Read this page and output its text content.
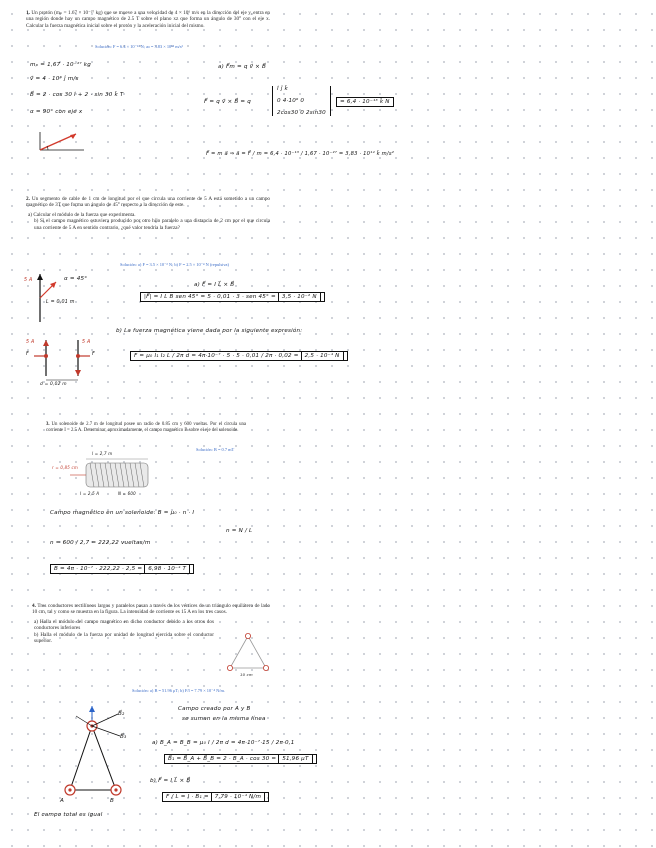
1. Un protón (mₚ = 1.67 × 10⁻²⁷ kg) que se mueve a una velocidad de 4 × 10⁶ m/s en la dirección del eje y, entra en una región donde hay un campo magnético de 2.5 T sobre el plano xz que forma un ángulo de 30° con el eje x. Calcular la fuerza magnética inicial sobre el protón y la aceleración inicial del mismo.
Solución: F = 6.4 × 10⁻¹³ N; aₙ = 3.83 × 10¹⁴ m/s²
mₚ = 1,67 · 10⁻²⁷ kg
v⃗ = 4 · 10⁶ ĵ m/s
B⃗ = 2 · cos 30 î + 2 · sin 30 k̂ T
α = 90° con eje x
a) F⃗m = q v⃗ × B⃗
F⃗ = q v⃗ × B⃗ = q
î ĵ k̂
0 4·10⁶ 0
2cos30 0 2sin30
= 6,4 · 10⁻¹³ k̂ N
F⃗ = m a⃗ ⇒ a⃗ = F⃗ / m = 6,4 · 10⁻¹³ / 1,67 · 10⁻²⁷ = 3,83 · 10¹⁴ k̂ m/s²
2. Un segmento de cable de 1 cm de longitud por el que circula una corriente de 5 A está sometido a un campo magnético de 3T que forma un ángulo de 45° respecto a la dirección de este.
a) Calcular el módulo de la fuerza que experimenta.
b) Si el campo magnético estuviera producido por otro hilo paralelo a una distancia de 2 cm por el que circula una corriente de 5 A en sentido contrario, ¿qué valor tendría la fuerza?
Solución: a) F = 3.5 × 10⁻² N; b) F = 2.5 × 10⁻⁴ N (repulsiva)
5 A	α = 45°
L = 0,01 m
a) F⃗ = I L⃗ × B⃗
|F⃗| = I L B sen 45° = 5 · 0,01 · 3 · sen 45° = 3,5 · 10⁻² N
b) La fuerza magnética viene dada por la siguiente expresión:
5 A	5 A
F	F
d = 0,02 m
F = μ₀ I₁ I₂ L / 2π d = 4π·10⁻⁷ · 5 · 5 · 0,01 / 2π · 0,02 = 2,5 · 10⁻⁴ N
3. Un solenoide de 2.7 m de longitud posee un radio de 0.85 cm y 600 vueltas. Por el circula una corriente I = 2.5 A. Determinar, aproximadamente, el campo magnético B sobre el eje del solenoide.
Solución: B = 0.7 mT
l = 2,7 m
r = 0,85 cm
I = 2,5 A	N = 600
Campo magnético en un solenoide: B = μ₀ · n · I
n = N / L
n = 600 / 2,7 = 222,22 vueltas/m
B = 4π · 10⁻⁷ · 222,22 · 2,5 = 6,98 · 10⁻⁴ T
4. Tres conductores rectilíneos largos y paralelos pasan a través de los vértices de un triángulo equilátero de lado 10 cm, tal y como se muestra en la figura. La intensidad de corriente es 15 A en los tres casos.
a) Halla el módulo del campo magnético en dicho conductor debido a los otros dos conductores inferiores
b) Halla el módulo de la fuerza por unidad de longitud ejercida sobre el conductor superior.
10 cm
Solución: a) B = 51.96 μT; b) F/l = 7.79 × 10⁻⁴ N/m.
B⃗₂
B⃗₃
A	B
El campo total es igual
Campo creado por A y B
se suman en la misma línea
a) B_A = B_B = μ₀ I / 2π d = 4π·10⁻⁷·15 / 2π·0,1
B⃗₁ = B⃗_A + B⃗_B = 2 · B_A · cos 30 = 51,96 μT
b) F⃗ = I L⃗ × B⃗
F / L = I · B₁ = 7,79 · 10⁻⁴ N/m
